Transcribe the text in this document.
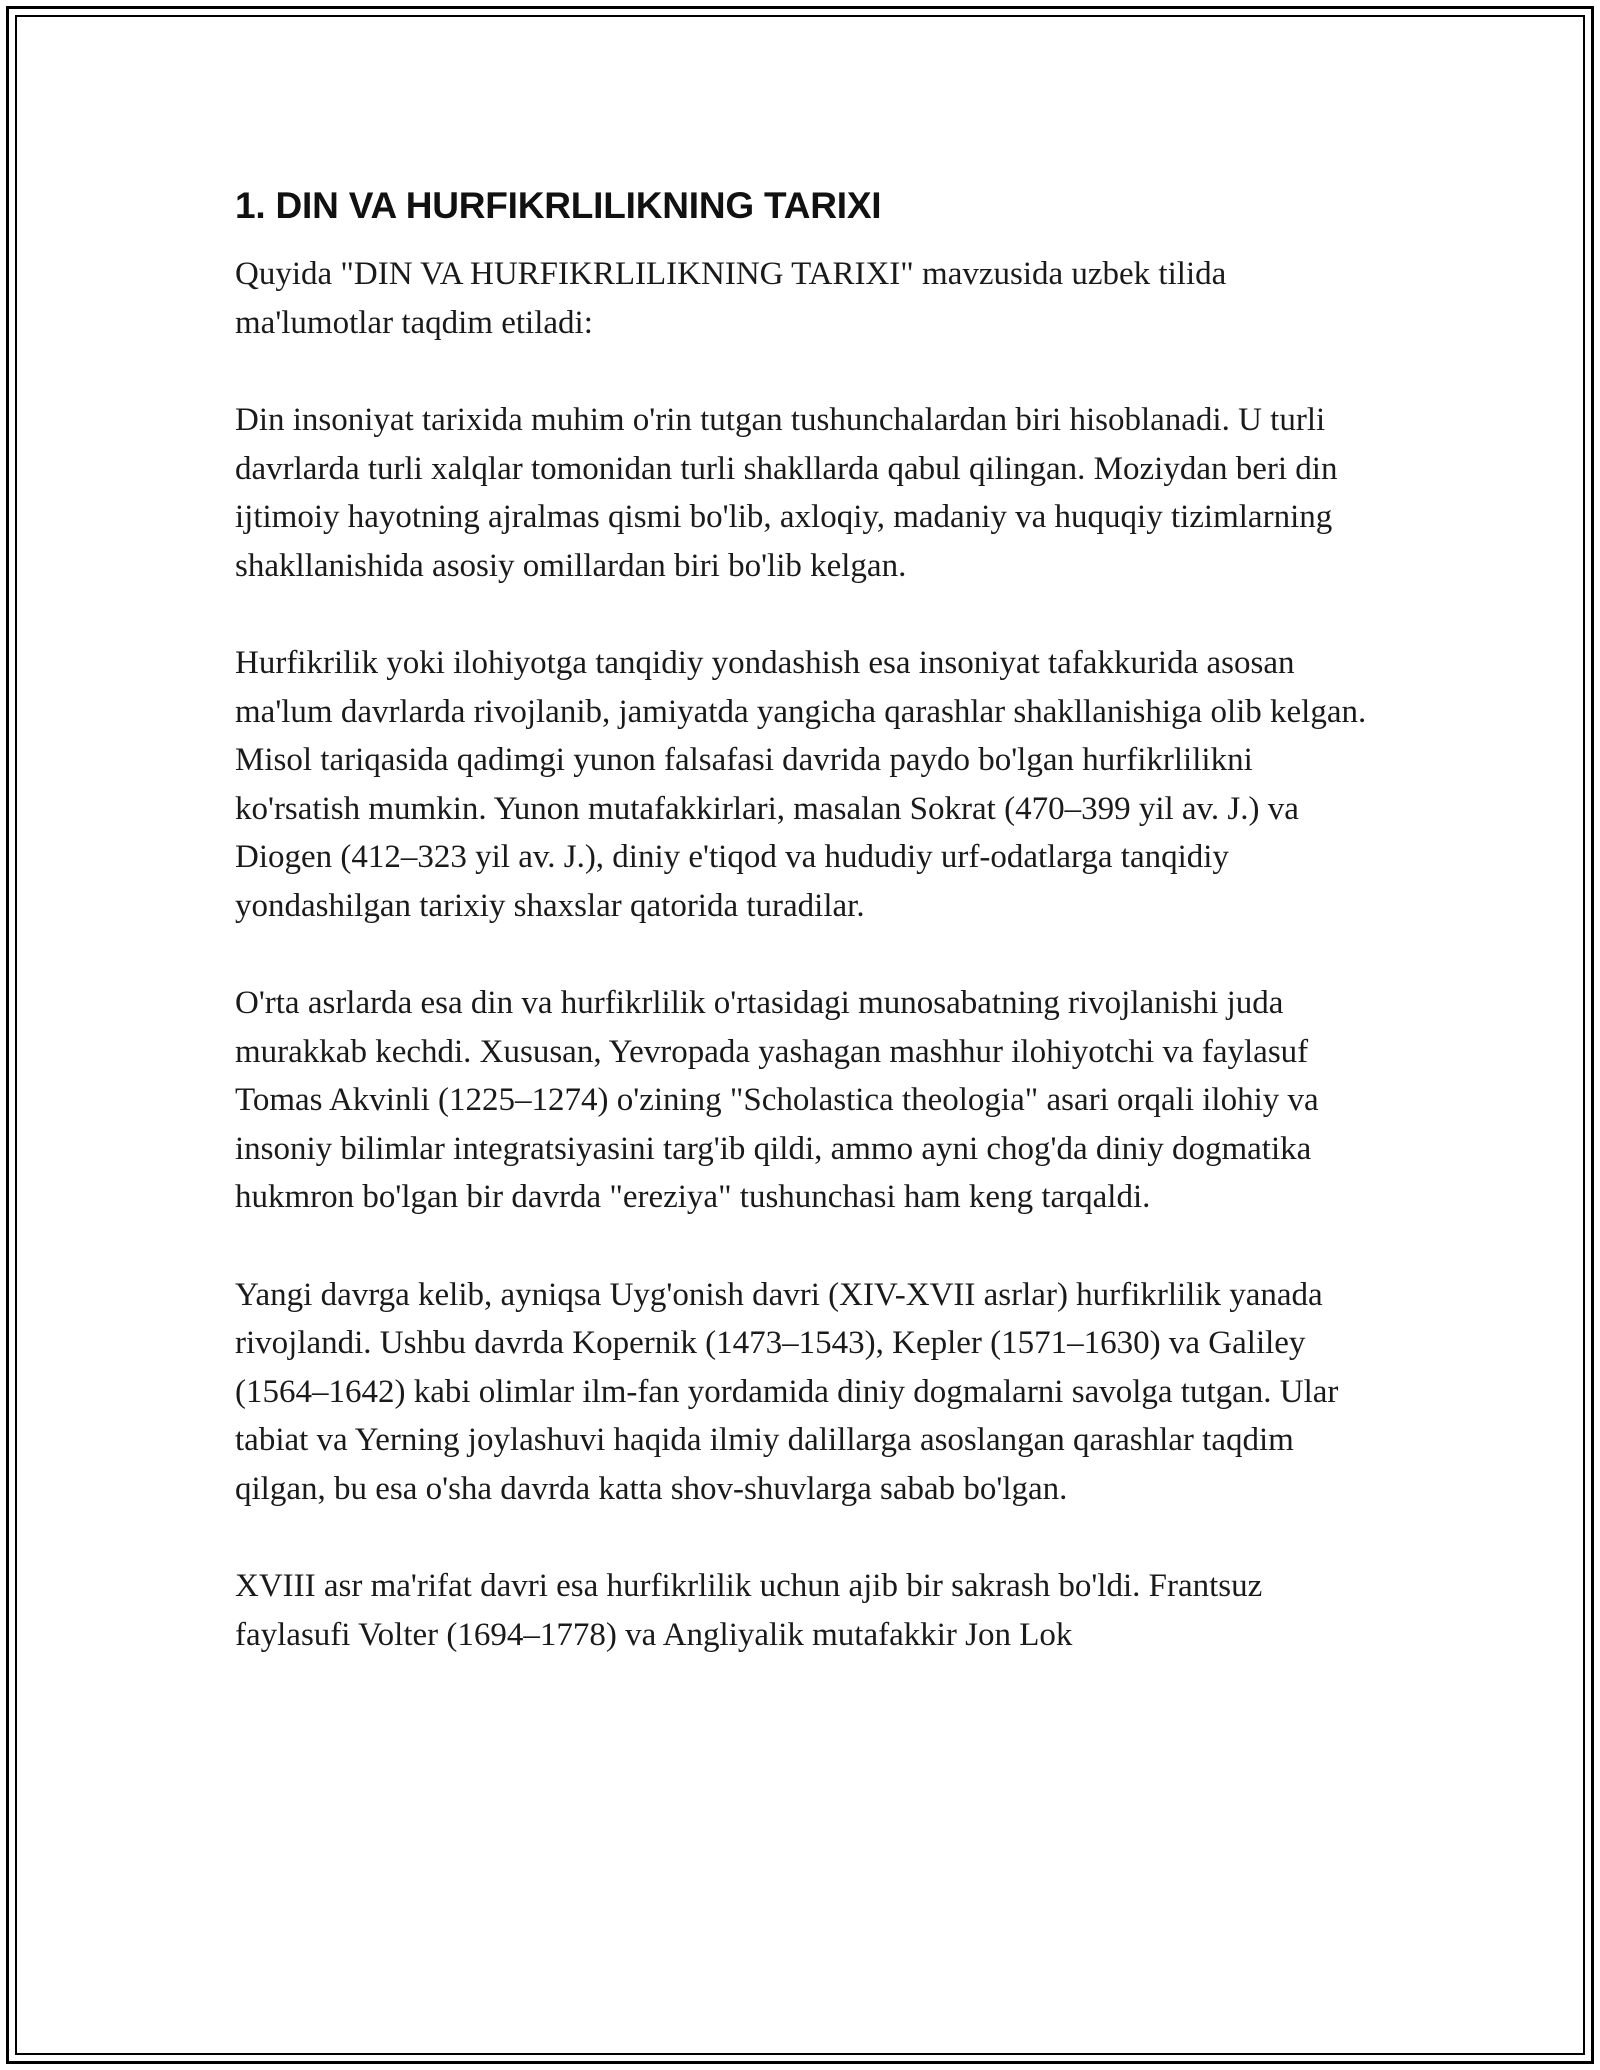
1. DIN VA HURFIKRLILIKNING TARIXI

Quyida "DIN VA HURFIKRLILIKNING TARIXI" mavzusida uzbek tilida ma'lumotlar taqdim etiladi:

Din insoniyat tarixida muhim o'rin tutgan tushunchalardan biri hisoblanadi. U turli davrlarda turli xalqlar tomonidan turli shakllarda qabul qilingan. Moziydan beri din ijtimoiy hayotning ajralmas qismi bo'lib, axloqiy, madaniy va huquqiy tizimlarning shakllanishida asosiy omillardan biri bo'lib kelgan.

Hurfikrilik yoki ilohiyotga tanqidiy yondashish esa insoniyat tafakkurida asosan ma'lum davrlarda rivojlanib, jamiyatda yangicha qarashlar shakllanishiga olib kelgan. Misol tariqasida qadimgi yunon falsafasi davrida paydo bo'lgan hurfikrlilikni ko'rsatish mumkin. Yunon mutafakkirlari, masalan Sokrat (470–399 yil av. J.) va Diogen (412–323 yil av. J.), diniy e'tiqod va hududiy urf-odatlarga tanqidiy yondashilgan tarixiy shaxslar qatorida turadilar.

O'rta asrlarda esa din va hurfikrlilik o'rtasidagi munosabatning rivojlanishi juda murakkab kechdi. Xususan, Yevropada yashagan mashhur ilohiyotchi va faylasuf Tomas Akvinli (1225–1274) o'zining "Scholastica theologia" asari orqali ilohiy va insoniy bilimlar integratsiyasini targ'ib qildi, ammo ayni chog'da diniy dogmatika hukmron bo'lgan bir davrda "ereziya" tushunchasi ham keng tarqaldi.

Yangi davrga kelib, ayniqsa Uyg'onish davri (XIV-XVII asrlar) hurfikrlilik yanada rivojlandi. Ushbu davrda Kopernik (1473–1543), Kepler (1571–1630) va Galiley (1564–1642) kabi olimlar ilm-fan yordamida diniy dogmalarni savolga tutgan. Ular tabiat va Yerning joylashuvi haqida ilmiy dalillarga asoslangan qarashlar taqdim qilgan, bu esa o'sha davrda katta shov-shuvlarga sabab bo'lgan.

XVIII asr ma'rifat davri esa hurfikrlilik uchun ajib bir sakrash bo'ldi. Frantsuz faylasufi Volter (1694–1778) va Angliyalik mutafakkir Jon Lok
